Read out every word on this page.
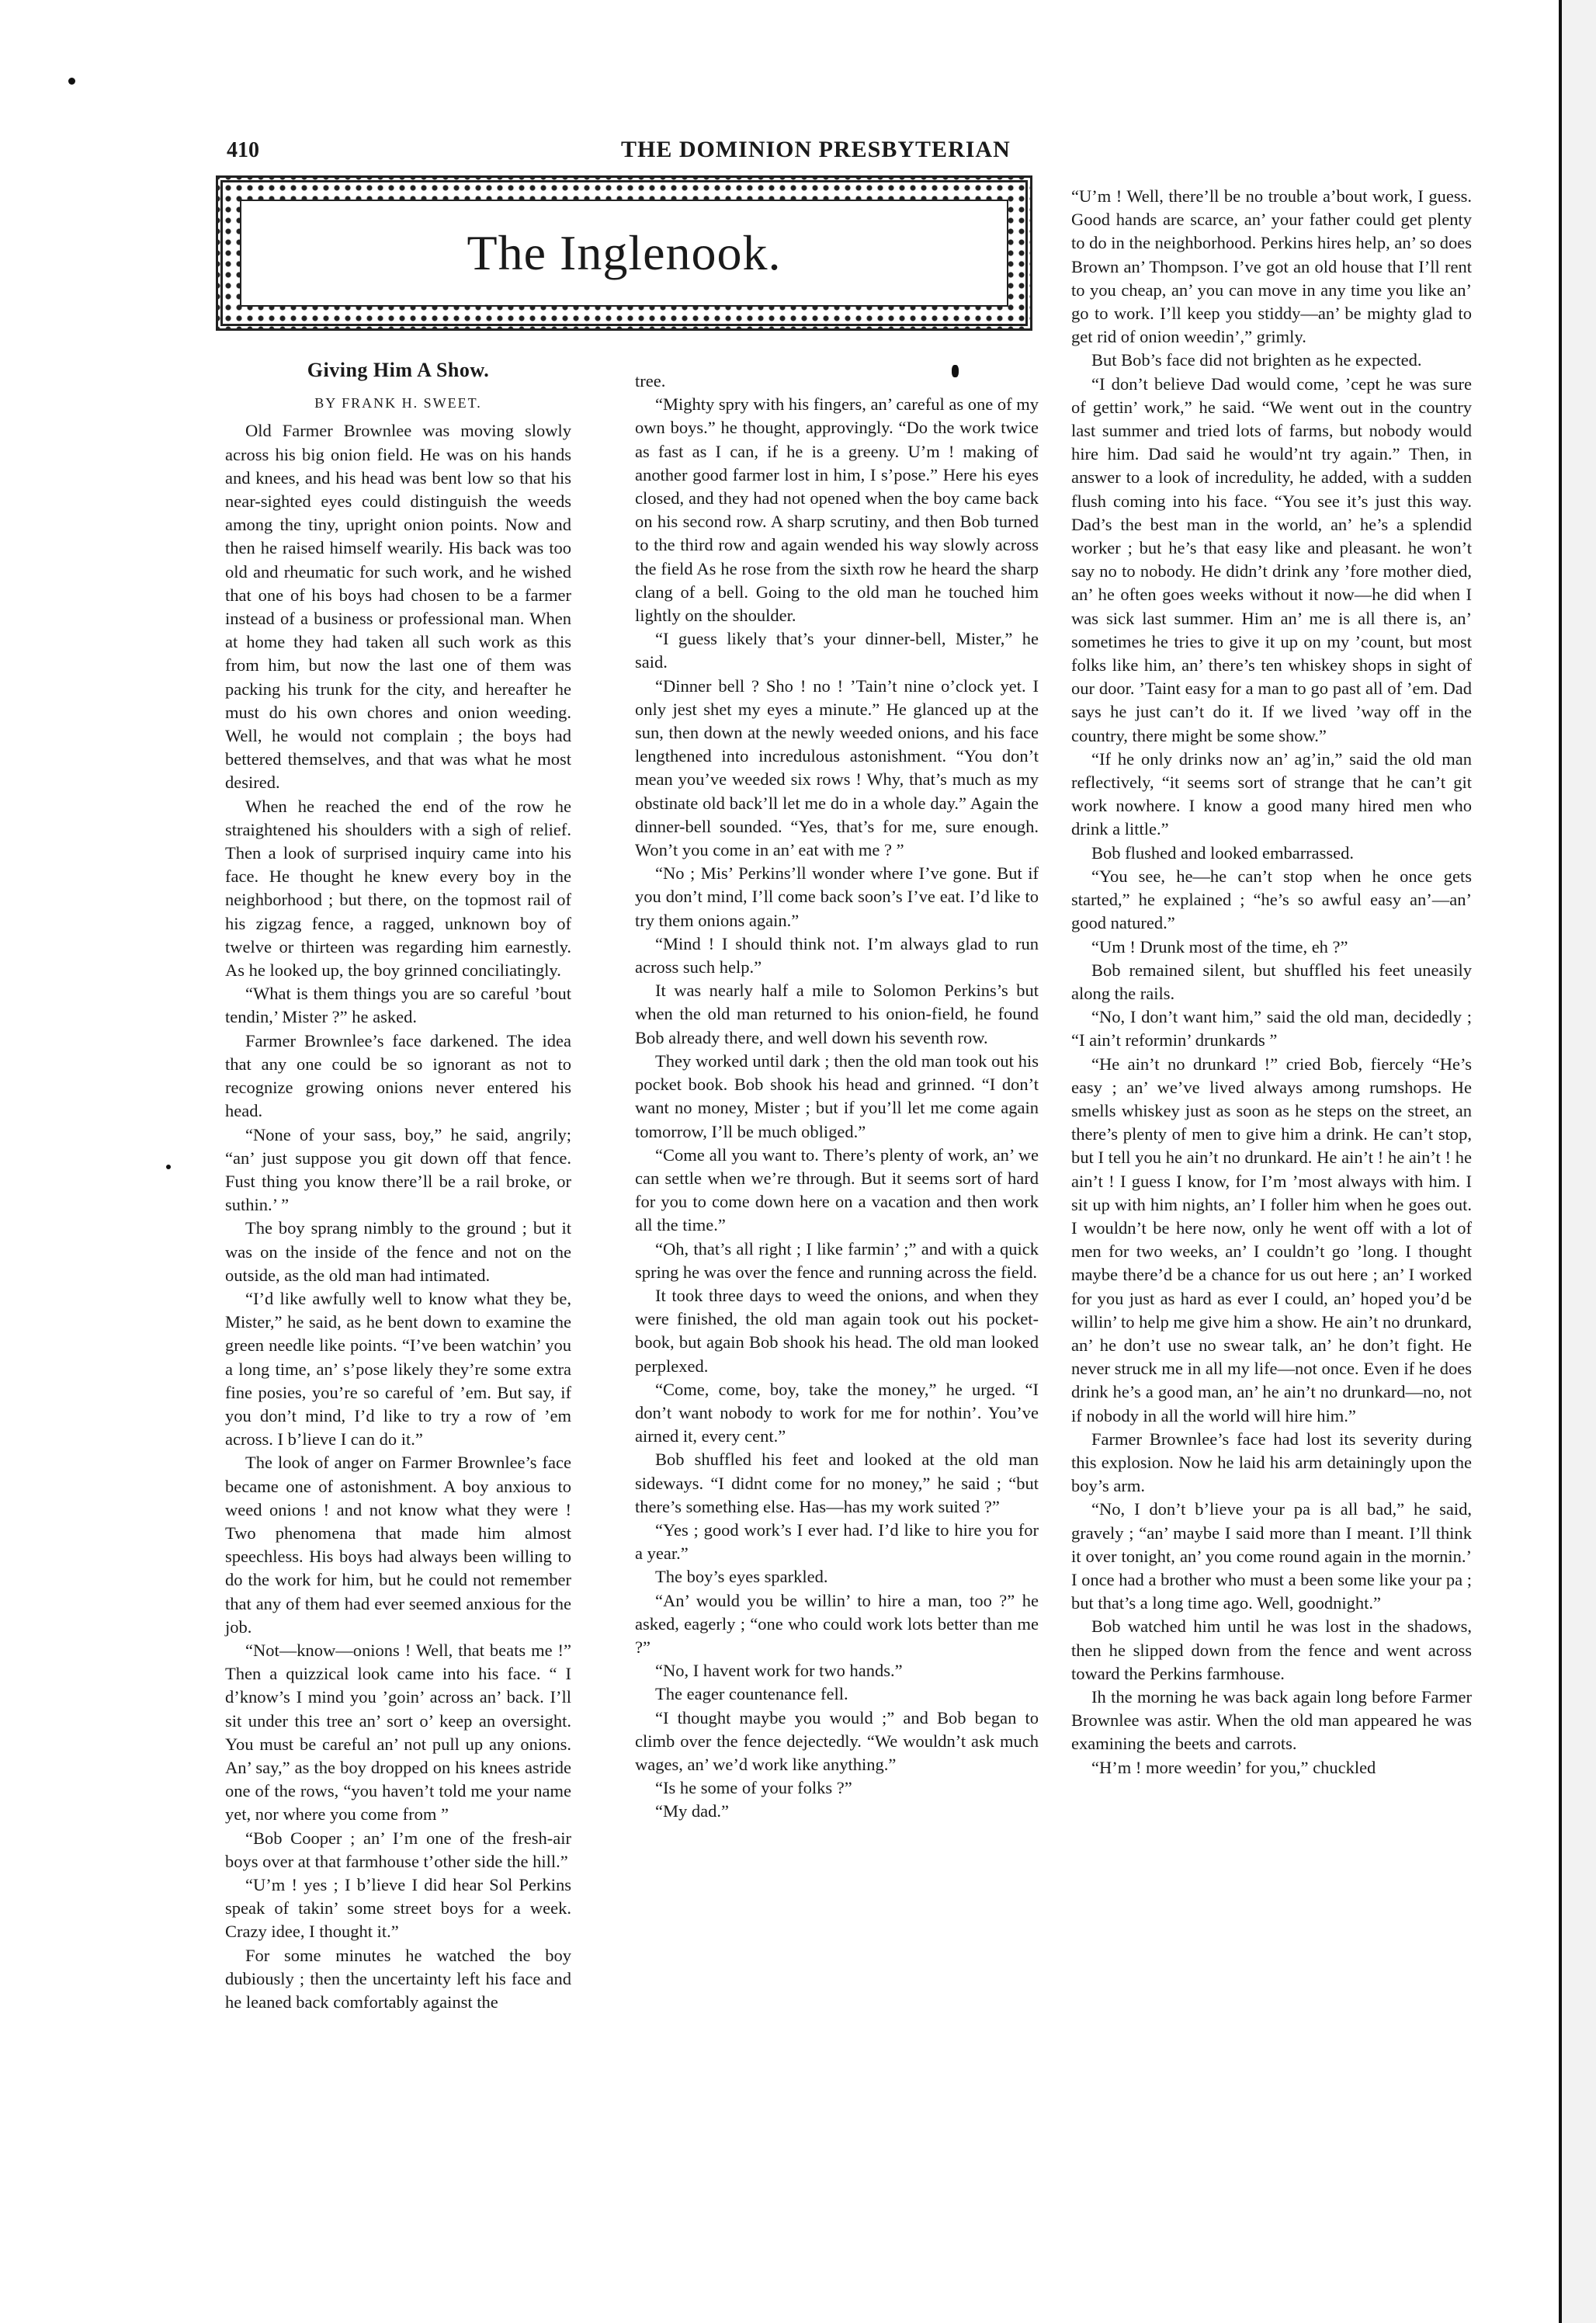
410	THE DOMINION PRESBYTERIAN
The Inglenook.
Giving Him A Show.
BY FRANK H. SWEET.

Old Farmer Brownlee was moving slowly across his big onion field. He was on his hands and knees, and his head was bent low so that his near-sighted eyes could distinguish the weeds among the tiny, upright onion points. Now and then he raised himself wearily. His back was too old and rheumatic for such work, and he wished that one of his boys had chosen to be a farmer instead of a business or professional man. When at home they had taken all such work as this from him, but now the last one of them was packing his trunk for the city, and hereafter he must do his own chores and onion weeding. Well, he would not complain ; the boys had bettered themselves, and that was what he most desired.

When he reached the end of the row he straightened his shoulders with a sigh of relief. Then a look of surprised inquiry came into his face. He thought he knew every boy in the neighborhood ; but there, on the topmost rail of his zigzag fence, a ragged, unknown boy of twelve or thirteen was regarding him earnestly. As he looked up, the boy grinned conciliatingly.

“What is them things you are so careful ’bout tendin,’ Mister ?” he asked.

Farmer Brownlee’s face darkened. The idea that any one could be so ignorant as not to recognize growing onions never entered his head.

“None of your sass, boy,” he said, angrily; “an’ just suppose you git down off that fence. Fust thing you know there’ll be a rail broke, or suthin.’ ”

The boy sprang nimbly to the ground ; but it was on the inside of the fence and not on the outside, as the old man had intimated.

“I’d like awfully well to know what they be, Mister,” he said, as he bent down to examine the green needle like points. “I’ve been watchin’ you a long time, an’ s’pose likely they’re some extra fine posies, you’re so careful of ’em. But say, if you don’t mind, I’d like to try a row of ’em across. I b’lieve I can do it.”

The look of anger on Farmer Brownlee’s face became one of astonishment. A boy anxious to weed onions ! and not know what they were ! Two phenomena that made him almost speechless. His boys had always been willing to do the work for him, but he could not remember that any of them had ever seemed anxious for the job.

“Not—know—onions ! Well, that beats me !” Then a quizzical look came into his face. “ I d’know’s I mind you ’goin’ across an’ back. I’ll sit under this tree an’ sort o’ keep an oversight. You must be careful an’ not pull up any onions. An’ say,” as the boy dropped on his knees astride one of the rows, “you haven’t told me your name yet, nor where you come from ”

“Bob Cooper ; an’ I’m one of the fresh-air boys over at that farmhouse t’other side the hill.”

“U’m ! yes ; I b’lieve I did hear Sol Perkins speak of takin’ some street boys for a week. Crazy idee, I thought it.”

For some minutes he watched the boy dubiously ; then the uncertainty left his face and he leaned back comfortably against the

tree.

“Mighty spry with his fingers, an’ careful as one of my own boys.” he thought, approvingly. “Do the work twice as fast as I can, if he is a greeny. U’m ! making of another good farmer lost in him, I s’pose.” Here his eyes closed, and they had not opened when the boy came back on his second row. A sharp scrutiny, and then Bob turned to the third row and again wended his way slowly across the field As he rose from the sixth row he heard the sharp clang of a bell. Going to the old man he touched him lightly on the shoulder.

“I guess likely that’s your dinner-bell, Mister,” he said.

“Dinner bell ? Sho ! no ! ’Tain’t nine o’clock yet. I only jest shet my eyes a minute.” He glanced up at the sun, then down at the newly weeded onions, and his face lengthened into incredulous astonishment. “You don’t mean you’ve weeded six rows ! Why, that’s much as my obstinate old back’ll let me do in a whole day.” Again the dinner-bell sounded. “Yes, that’s for me, sure enough. Won’t you come in an’ eat with me ? ”

“No ; Mis’ Perkins’ll wonder where I’ve gone. But if you don’t mind, I’ll come back soon’s I’ve eat. I’d like to try them onions again.”

“Mind ! I should think not. I’m always glad to run across such help.”

It was nearly half a mile to Solomon Perkins’s but when the old man returned to his onion-field, he found Bob already there, and well down his seventh row.

They worked until dark ; then the old man took out his pocket book. Bob shook his head and grinned. “I don’t want no money, Mister ; but if you’ll let me come again tomorrow, I’ll be much obliged.”

“Come all you want to. There’s plenty of work, an’ we can settle when we’re through. But it seems sort of hard for you to come down here on a vacation and then work all the time.”

“Oh, that’s all right ; I like farmin’ ;” and with a quick spring he was over the fence and running across the field.

It took three days to weed the onions, and when they were finished, the old man again took out his pocket-book, but again Bob shook his head. The old man looked perplexed.

“Come, come, boy, take the money,” he urged. “I don’t want nobody to work for me for nothin’. You’ve airned it, every cent.”

Bob shuffled his feet and looked at the old man sideways. “I didnt come for no money,” he said ; “but there’s something else. Has—has my work suited ?”

“Yes ; good work’s I ever had. I’d like to hire you for a year.”

The boy’s eyes sparkled.

“An’ would you be willin’ to hire a man, too ?” he asked, eagerly ; “one who could work lots better than me ?”

“No, I havent work for two hands.”

The eager countenance fell.

“I thought maybe you would ;” and Bob began to climb over the fence dejectedly. “We wouldn’t ask much wages, an’ we’d work like anything.”

“Is he some of your folks ?”

“My dad.”

“U’m ! Well, there’ll be no trouble a’bout work, I guess. Good hands are scarce, an’ your father could get plenty to do in the neighborhood. Perkins hires help, an’ so does Brown an’ Thompson. I’ve got an old house that I’ll rent to you cheap, an’ you can move in any time you like an’ go to work. I’ll keep you stiddy—an’ be mighty glad to get rid of onion weedin’,” grimly.

But Bob’s face did not brighten as he expected.

“I don’t believe Dad would come, ’cept he was sure of gettin’ work,” he said. “We went out in the country last summer and tried lots of farms, but nobody would hire him. Dad said he would’nt try again.” Then, in answer to a look of incredulity, he added, with a sudden flush coming into his face. “You see it’s just this way. Dad’s the best man in the world, an’ he’s a splendid worker ; but he’s that easy like and pleasant. he won’t say no to nobody. He didn’t drink any ’fore mother died, an’ he often goes weeks without it now—he did when I was sick last summer. Him an’ me is all there is, an’ sometimes he tries to give it up on my ’count, but most folks like him, an’ there’s ten whiskey shops in sight of our door. ’Taint easy for a man to go past all of ’em. Dad says he just can’t do it. If we lived ’way off in the country, there might be some show.”

“If he only drinks now an’ ag’in,” said the old man reflectively, “it seems sort of strange that he can’t git work nowhere. I know a good many hired men who drink a little.”

Bob flushed and looked embarrassed.

“You see, he—he can’t stop when he once gets started,” he explained ; “he’s so awful easy an’—an’ good natured.”

“Um ! Drunk most of the time, eh ?”

Bob remained silent, but shuffled his feet uneasily along the rails.

“No, I don’t want him,” said the old man, decidedly ; “I ain’t reformin’ drunkards ”

“He ain’t no drunkard !” cried Bob, fiercely “He’s easy ; an’ we’ve lived always among rumshops. He smells whiskey just as soon as he steps on the street, an there’s plenty of men to give him a drink. He can’t stop, but I tell you he ain’t no drunkard. He ain’t ! he ain’t ! he ain’t ! I guess I know, for I’m ’most always with him. I sit up with him nights, an’ I foller him when he goes out. I wouldn’t be here now, only he went off with a lot of men for two weeks, an’ I couldn’t go ’long. I thought maybe there’d be a chance for us out here ; an’ I worked for you just as hard as ever I could, an’ hoped you’d be willin’ to help me give him a show. He ain’t no drunkard, an’ he don’t use no swear talk, an’ he don’t fight. He never struck me in all my life—not once. Even if he does drink he’s a good man, an’ he ain’t no drunkard—no, not if nobody in all the world will hire him.”

Farmer Brownlee’s face had lost its severity during this explosion. Now he laid his arm detainingly upon the boy’s arm.

“No, I don’t b’lieve your pa is all bad,” he said, gravely ; “an’ maybe I said more than I meant. I’ll think it over tonight, an’ you come round again in the mornin.’ I once had a brother who must a been some like your pa ; but that’s a long time ago. Well, goodnight.”

Bob watched him until he was lost in the shadows, then he slipped down from the fence and went across toward the Perkins farmhouse.

Ih the morning he was back again long before Farmer Brownlee was astir. When the old man appeared he was examining the beets and carrots.

“H’m ! more weedin’ for you,” chuckled
